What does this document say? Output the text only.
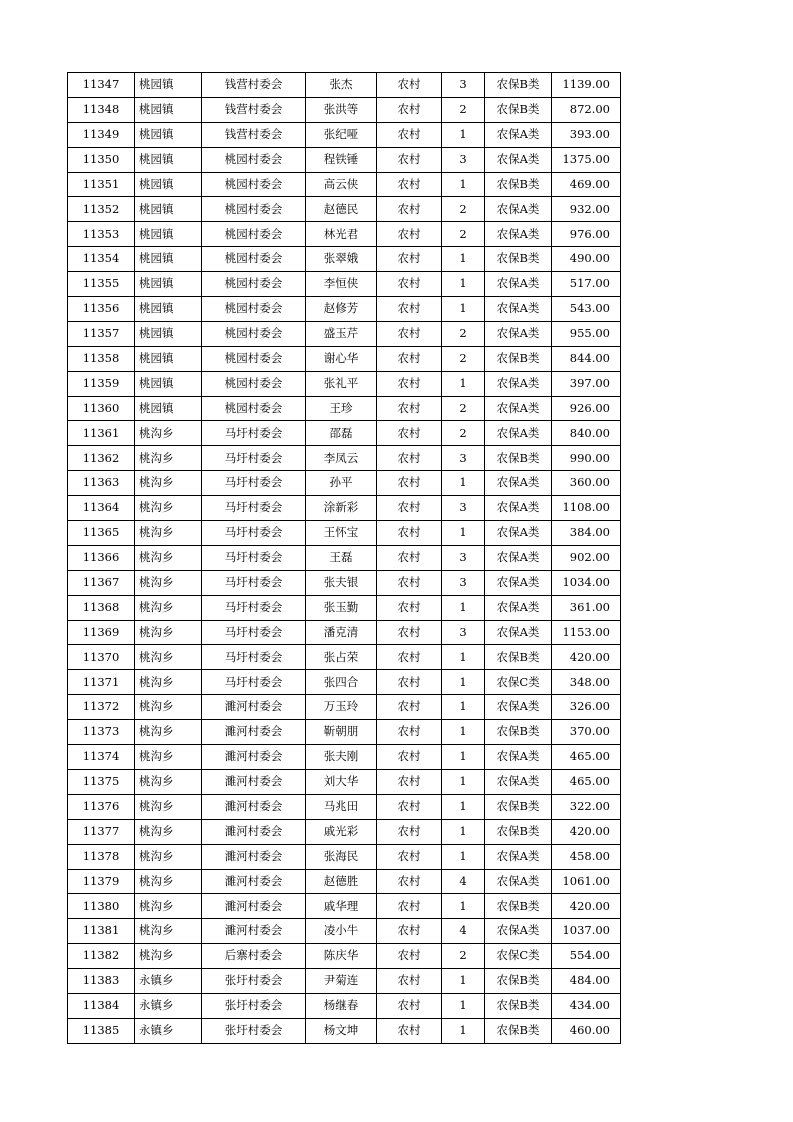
11347	桃园镇	钱营村委会	张杰	农村	3	农保B类	1139.00
11348	桃园镇	钱营村委会	张洪等	农村	2	农保B类	872.00
11349	桃园镇	钱营村委会	张纪哑	农村	1	农保A类	393.00
11350	桃园镇	桃园村委会	程铁锤	农村	3	农保A类	1375.00
11351	桃园镇	桃园村委会	高云侠	农村	1	农保B类	469.00
11352	桃园镇	桃园村委会	赵德民	农村	2	农保A类	932.00
11353	桃园镇	桃园村委会	林光君	农村	2	农保A类	976.00
11354	桃园镇	桃园村委会	张翠娥	农村	1	农保B类	490.00
11355	桃园镇	桃园村委会	李恒侠	农村	1	农保A类	517.00
11356	桃园镇	桃园村委会	赵修芳	农村	1	农保A类	543.00
11357	桃园镇	桃园村委会	盛玉芹	农村	2	农保A类	955.00
11358	桃园镇	桃园村委会	谢心华	农村	2	农保B类	844.00
11359	桃园镇	桃园村委会	张礼平	农村	1	农保A类	397.00
11360	桃园镇	桃园村委会	王珍	农村	2	农保A类	926.00
11361	桃沟乡	马圩村委会	邵磊	农村	2	农保A类	840.00
11362	桃沟乡	马圩村委会	李凤云	农村	3	农保B类	990.00
11363	桃沟乡	马圩村委会	孙平	农村	1	农保A类	360.00
11364	桃沟乡	马圩村委会	涂新彩	农村	3	农保A类	1108.00
11365	桃沟乡	马圩村委会	王怀宝	农村	1	农保A类	384.00
11366	桃沟乡	马圩村委会	王磊	农村	3	农保A类	902.00
11367	桃沟乡	马圩村委会	张夫银	农村	3	农保A类	1034.00
11368	桃沟乡	马圩村委会	张玉勤	农村	1	农保A类	361.00
11369	桃沟乡	马圩村委会	潘克清	农村	3	农保A类	1153.00
11370	桃沟乡	马圩村委会	张占荣	农村	1	农保B类	420.00
11371	桃沟乡	马圩村委会	张四合	农村	1	农保C类	348.00
11372	桃沟乡	濉河村委会	万玉玲	农村	1	农保A类	326.00
11373	桃沟乡	濉河村委会	靳朝朋	农村	1	农保B类	370.00
11374	桃沟乡	濉河村委会	张夫刚	农村	1	农保A类	465.00
11375	桃沟乡	濉河村委会	刘大华	农村	1	农保A类	465.00
11376	桃沟乡	濉河村委会	马兆田	农村	1	农保B类	322.00
11377	桃沟乡	濉河村委会	戚光彩	农村	1	农保B类	420.00
11378	桃沟乡	濉河村委会	张海民	农村	1	农保A类	458.00
11379	桃沟乡	濉河村委会	赵德胜	农村	4	农保A类	1061.00
11380	桃沟乡	濉河村委会	戚华理	农村	1	农保B类	420.00
11381	桃沟乡	濉河村委会	凌小牛	农村	4	农保A类	1037.00
11382	桃沟乡	后寨村委会	陈庆华	农村	2	农保C类	554.00
11383	永镇乡	张圩村委会	尹菊连	农村	1	农保B类	484.00
11384	永镇乡	张圩村委会	杨继春	农村	1	农保B类	434.00
11385	永镇乡	张圩村委会	杨文坤	农村	1	农保B类	460.00
